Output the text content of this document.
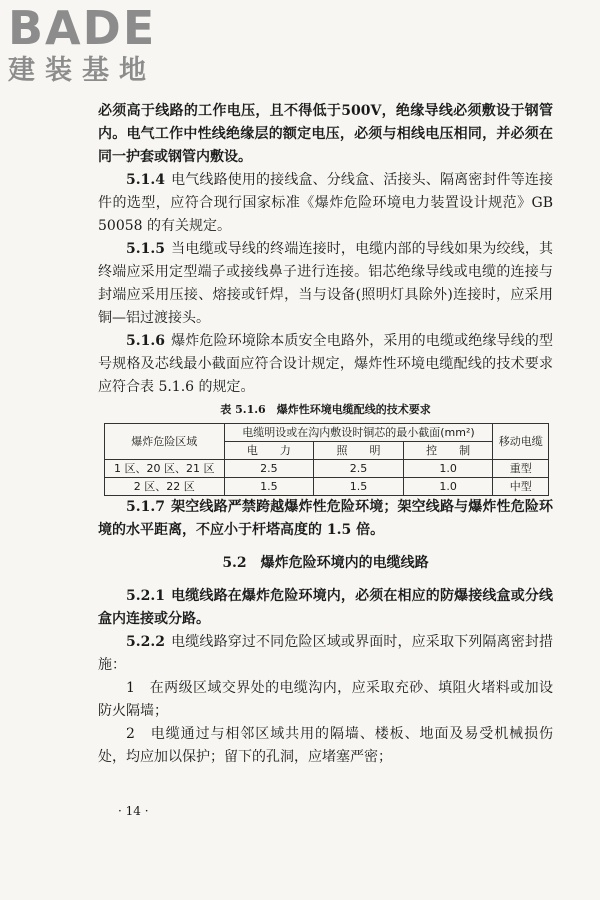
BADE
建装基地

必须高于线路的工作电压，且不得低于500V，绝缘导线必须敷设于钢管内。电气工作中性线绝缘层的额定电压，必须与相线电压相同，并必须在同一护套或钢管内敷设。

5.1.4 电气线路使用的接线盒、分线盒、活接头、隔离密封件等连接件的选型，应符合现行国家标准《爆炸危险环境电力装置设计规范》GB 50058 的有关规定。

5.1.5 当电缆或导线的终端连接时，电缆内部的导线如果为绞线，其终端应采用定型端子或接线鼻子进行连接。铝芯绝缘导线或电缆的连接与封端应采用压接、熔接或钎焊，当与设备(照明灯具除外)连接时，应采用铜—铝过渡接头。

5.1.6 爆炸危险环境除本质安全电路外，采用的电缆或绝缘导线的型号规格及芯线最小截面应符合设计规定，爆炸性环境电缆配线的技术要求应符合表 5.1.6 的规定。

表 5.1.6　爆炸性环境电缆配线的技术要求
爆炸危险区域	电缆明设或在沟内敷设时铜芯的最小截面(mm²)			移动电缆
	电　　力	照　　明	控　　制	
1 区、20 区、21 区	2.5	2.5	1.0	重型
2 区、22 区	1.5	1.5	1.0	中型

5.1.7 架空线路严禁跨越爆炸性危险环境；架空线路与爆炸性危险环境的水平距离，不应小于杆塔高度的 1.5 倍。

5.2　爆炸危险环境内的电缆线路

5.2.1 电缆线路在爆炸危险环境内，必须在相应的防爆接线盒或分线盒内连接或分路。

5.2.2 电缆线路穿过不同危险区域或界面时，应采取下列隔离密封措施：

1　在两级区域交界处的电缆沟内，应采取充砂、填阻火堵料或加设防火隔墙；

2　电缆通过与相邻区域共用的隔墙、楼板、地面及易受机械损伤处，均应加以保护；留下的孔洞，应堵塞严密；

· 14 ·
